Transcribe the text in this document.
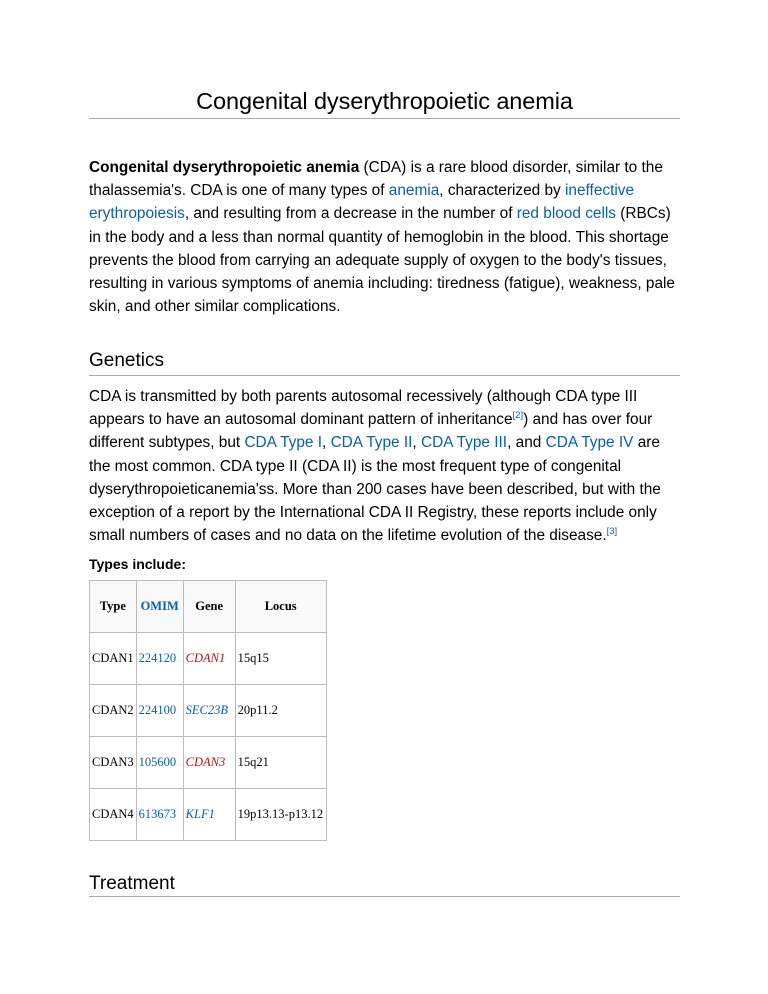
Congenital dyserythropoietic anemia

Congenital dyserythropoietic anemia (CDA) is a rare blood disorder, similar to the thalassemia's. CDA is one of many types of anemia, characterized by ineffective erythropoiesis, and resulting from a decrease in the number of red blood cells (RBCs) in the body and a less than normal quantity of hemoglobin in the blood. This shortage prevents the blood from carrying an adequate supply of oxygen to the body's tissues, resulting in various symptoms of anemia including: tiredness (fatigue), weakness, pale skin, and other similar complications.

Genetics

CDA is transmitted by both parents autosomal recessively (although CDA type III appears to have an autosomal dominant pattern of inheritance[2]) and has over four different subtypes, but CDA Type I, CDA Type II, CDA Type III, and CDA Type IV are the most common. CDA type II (CDA II) is the most frequent type of congenital dyserythropoieticanemia'ss. More than 200 cases have been described, but with the exception of a report by the International CDA II Registry, these reports include only small numbers of cases and no data on the lifetime evolution of the disease.[3]

Types include:

Type	OMIM	Gene	Locus
CDAN1	224120	CDAN1	15q15
CDAN2	224100	SEC23B	20p11.2
CDAN3	105600	CDAN3	15q21
CDAN4	613673	KLF1	19p13.13-p13.12
Treatment
